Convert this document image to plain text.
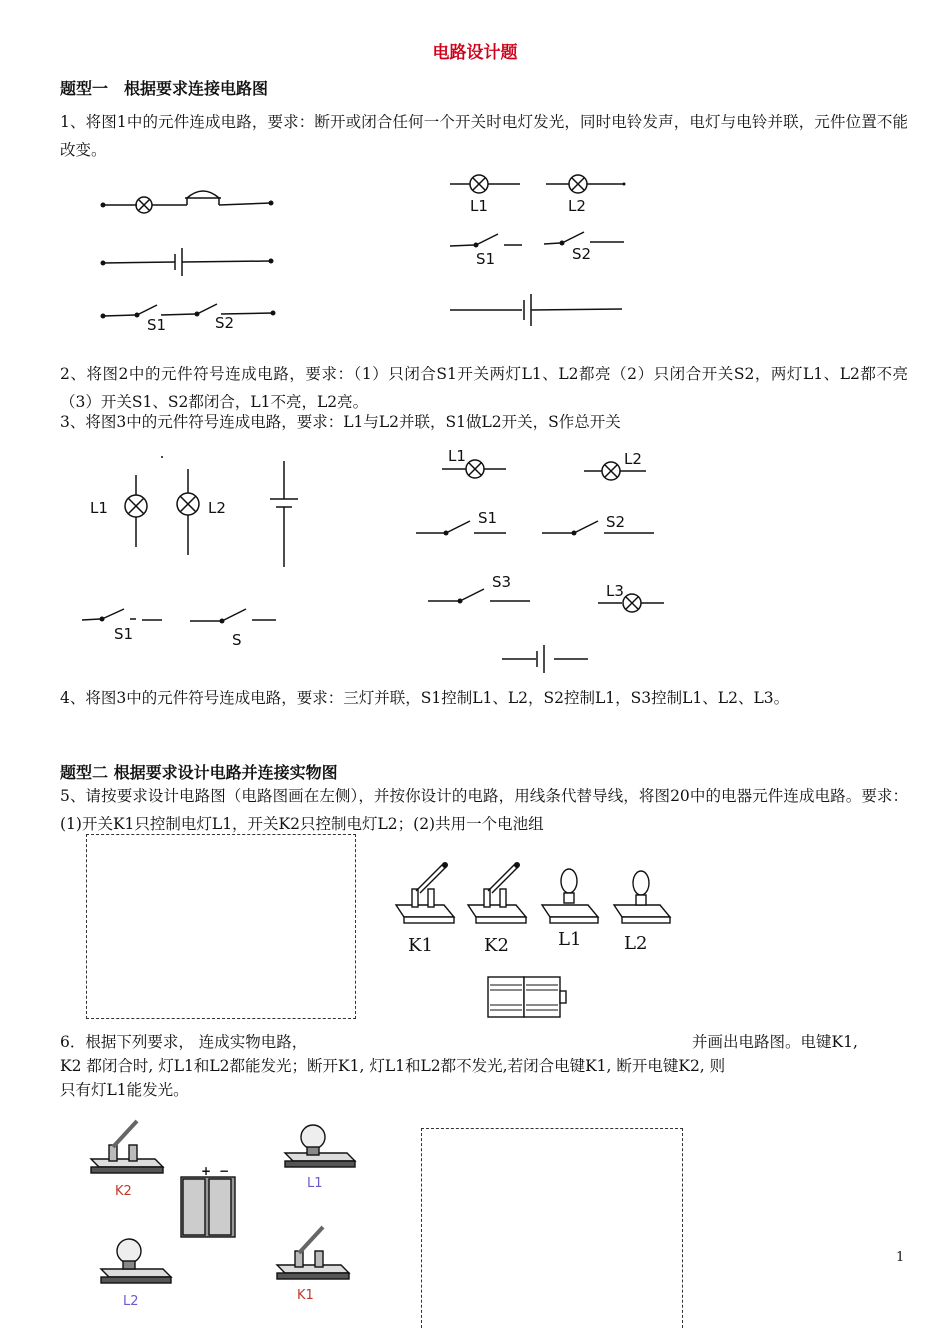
电路设计题
题型一　根据要求连接电路图
1、将图1中的元件连成电路，要求：断开或闭合任何一个开关时电灯发光，同时电铃发声，电灯与电铃并联，元件位置不能改变。
S1	S2
L1	L2
S1	S2
2、将图2中的元件符号连成电路，要求：（1）只闭合S1开关两灯L1、L2都亮（2）只闭合开关S2，两灯L1、L2都不亮（3）开关S1、S2都闭合，L1不亮，L2亮。
3、将图3中的元件符号连成电路，要求：L1与L2并联，S1做L2开关，S作总开关
L1	L2
S1	S
L1	L2
S1	S2
S3	L3
4、将图3中的元件符号连成电路，要求：三灯并联，S1控制L1、L2，S2控制L1，S3控制L1、L2、L3。
题型二 根据要求设计电路并连接实物图
5、请按要求设计电路图（电路图画在左侧），并按你设计的电路，用线条代替导线，将图20中的电器元件连成电路。要求：(1)开关K1只控制电灯L1，开关K2只控制电灯L2；(2)共用一个电池组
K1	K2	L1 L2
6．根据下列要求， 连成实物电路，	并画出电路图。电键K1,
K2 都闭合时, 灯L1和L2都能发光；断开K1, 灯L1和L2都不发光,若闭合电键K1, 断开电键K2, 则
只有灯L1能发光。
+ −
K2
L1
L2	K1
1
